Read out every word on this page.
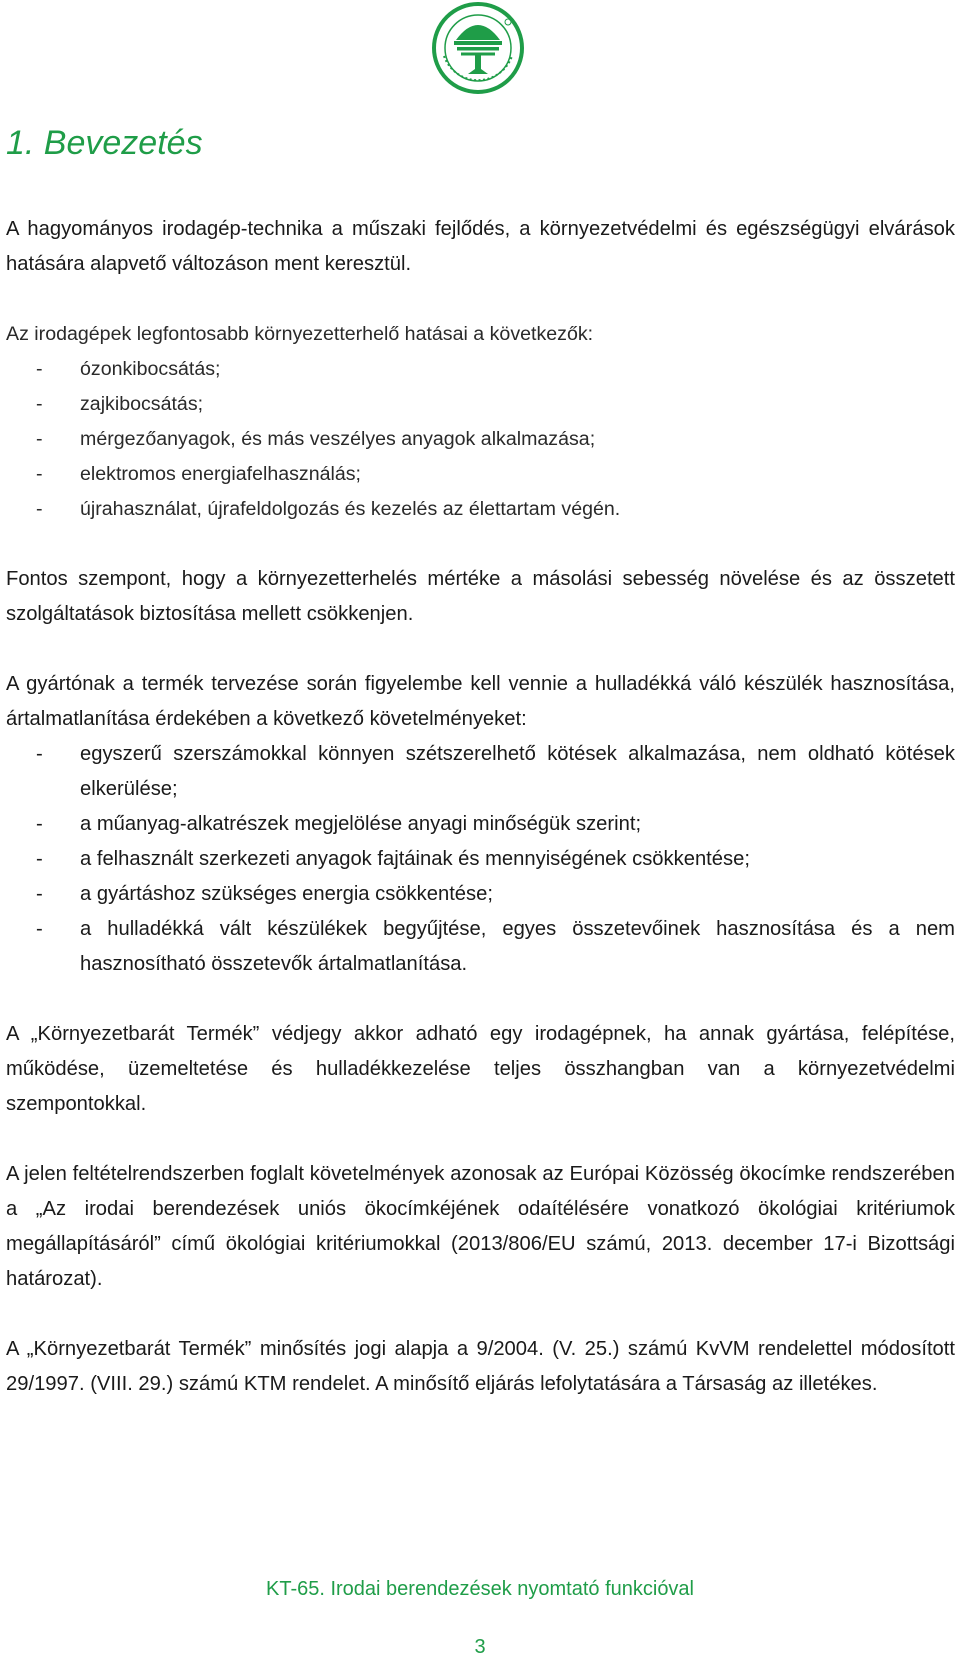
1. Bevezetés

A hagyományos irodagép-technika a műszaki fejlődés, a környezetvédelmi és egészségügyi elvárások hatására alapvető változáson ment keresztül.

Az irodagépek legfontosabb környezetterhelő hatásai a következők:

- ózonkibocsátás;
- zajkibocsátás;
- mérgezőanyagok, és más veszélyes anyagok alkalmazása;
- elektromos energiafelhasználás;
- újrahasználat, újrafeldolgozás és kezelés az élettartam végén.

Fontos szempont, hogy a környezetterhelés mértéke a másolási sebesség növelése és az összetett szolgáltatások biztosítása mellett csökkenjen.

A gyártónak a termék tervezése során figyelembe kell vennie a hulladékká váló készülék hasznosítása, ártalmatlanítása érdekében a következő követelményeket:

- egyszerű szerszámokkal könnyen szétszerelhető kötések alkalmazása, nem oldható kötések elkerülése;
- a műanyag-alkatrészek megjelölése anyagi minőségük szerint;
- a felhasznált szerkezeti anyagok fajtáinak és mennyiségének csökkentése;
- a gyártáshoz szükséges energia csökkentése;
- a hulladékká vált készülékek begyűjtése, egyes összetevőinek hasznosítása és a nem hasznosítható összetevők ártalmatlanítása.

A „Környezetbarát Termék” védjegy akkor adható egy irodagépnek, ha annak gyártása, felépítése, működése, üzemeltetése és hulladékkezelése teljes összhangban van a környezetvédelmi szempontokkal.

A jelen feltételrendszerben foglalt követelmények azonosak az Európai Közösség ökocímke rendszerében a „Az irodai berendezések uniós ökocímkéjének odaítélésére vonatkozó ökológiai kritériumok megállapításáról” című ökológiai kritériumokkal (2013/806/EU számú, 2013. december 17-i Bizottsági határozat).

A „Környezetbarát Termék” minősítés jogi alapja a 9/2004. (V. 25.) számú KvVM rendelettel módosított 29/1997. (VIII. 29.) számú KTM rendelet. A minősítő eljárás lefolytatására a Társaság az illetékes.

KT-65. Irodai berendezések nyomtató funkcióval
3
